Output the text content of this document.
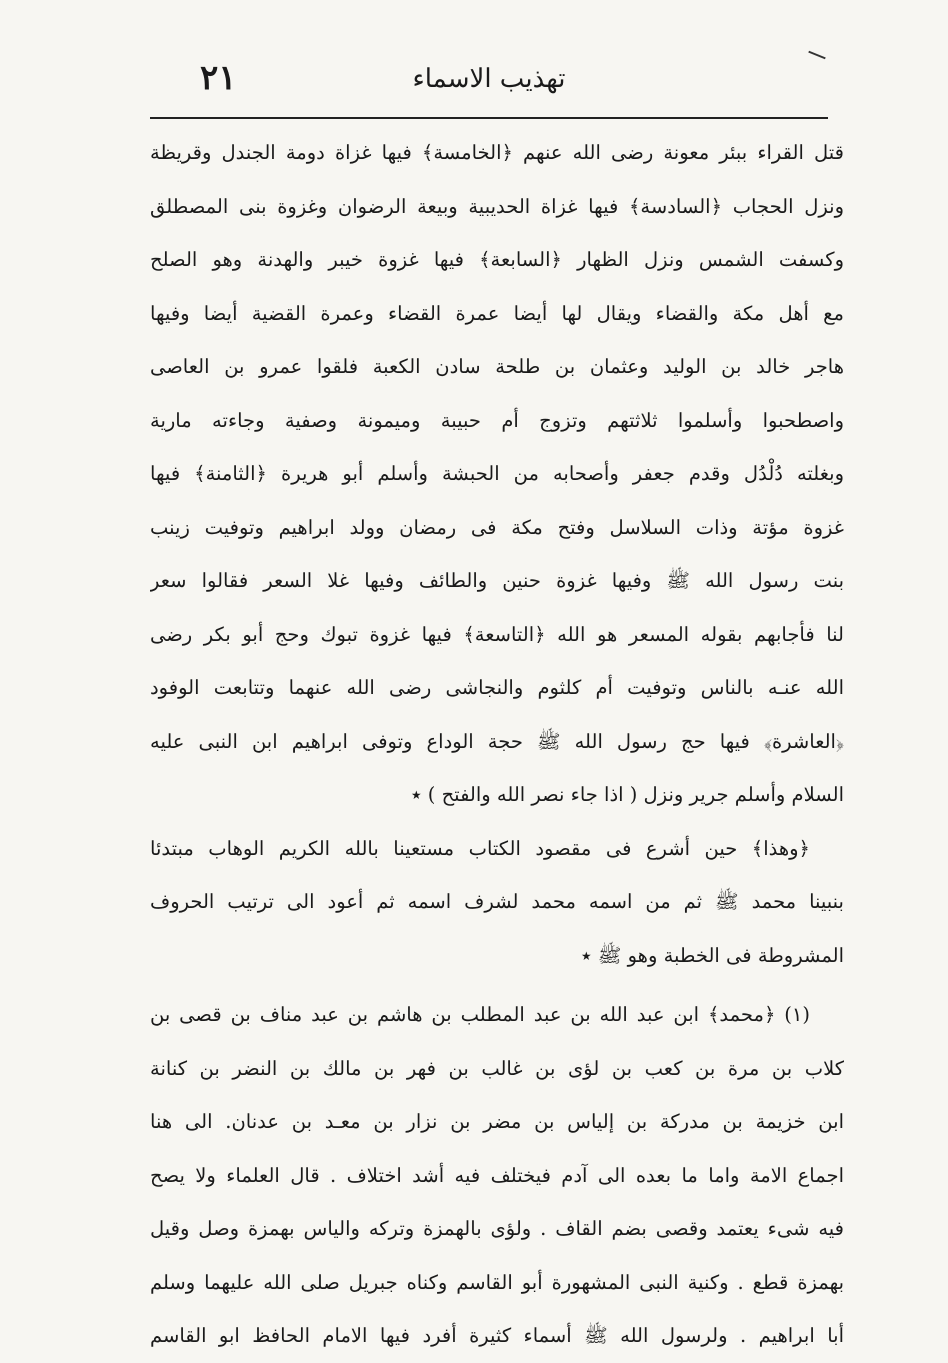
تهذيب الاسماء
٢١
قتل القراء ببئر معونة رضى الله عنهم ﴿الخامسة﴾ فيها غزاة دومة الجندل وقريظة
ونزل الحجاب ﴿السادسة﴾ فيها غزاة الحديبية وبيعة الرضوان وغزوة بنى المصطلق
وكسفت الشمس ونزل الظهار ﴿السابعة﴾ فيها غزوة خيبر والهدنة وهو الصلح
مع أهل مكة والقضاء ويقال لها أيضا عمرة القضاء وعمرة القضية أيضا وفيها
هاجر خالد بن الوليد وعثمان بن طلحة سادن الكعبة فلقوا عمرو بن العاصى
واصطحبوا وأسلموا ثلاثتهم وتزوج أم حبيبة وميمونة وصفية وجاءته مارية
وبغلته دُلْدُل وقدم جعفر وأصحابه من الحبشة وأسلم أبو هريرة ﴿الثامنة﴾ فيها
غزوة مؤتة وذات السلاسل وفتح مكة فى رمضان وولد ابراهيم وتوفيت زينب
بنت رسول الله ﷺ وفيها غزوة حنين والطائف وفيها غلا السعر فقالوا سعر
لنا فأجابهم بقوله المسعر هو الله ﴿التاسعة﴾ فيها غزوة تبوك وحج أبو بكر رضى
الله عنـه بالناس وتوفيت أم كلثوم والنجاشى رضى الله عنهما وتتابعت الوفود
﴿العاشرة﴾ فيها حج رسول الله ﷺ حجة الوداع وتوفى ابراهيم ابن النبى عليه
السلام وأسلم جرير ونزل ( اذا جاء نصر الله والفتح ) ٭
﴿وهذا﴾ حين أشرع فى مقصود الكتاب مستعينا بالله الكريم الوهاب مبتدئا
بنبينا محمد ﷺ ثم من اسمه محمد لشرف اسمه ثم أعود الى ترتيب الحروف
المشروطة فى الخطبة وهو ﷺ ٭
(١) ﴿محمد﴾ ابن عبد الله بن عبد المطلب بن هاشم بن عبد مناف بن قصى بن
كلاب بن مرة بن كعب بن لؤى بن غالب بن فهر بن مالك بن النضر بن كنانة
ابن خزيمة بن مدركة بن إلياس بن مضر بن نزار بن معـد بن عدنان. الى هنا
اجماع الامة واما ما بعده الى آدم فيختلف فيه أشد اختلاف . قال العلماء ولا يصح
فيه شىء يعتمد وقصى بضم القاف . ولؤى بالهمزة وتركه والياس بهمزة وصل وقيل
بهمزة قطع . وكنية النبى المشهورة أبو القاسم وكناه جبريل صلى الله عليهما وسلم
أبا ابراهيم . ولرسول الله ﷺ أسماء كثيرة أفرد فيها الامام الحافظ ابو القاسم
